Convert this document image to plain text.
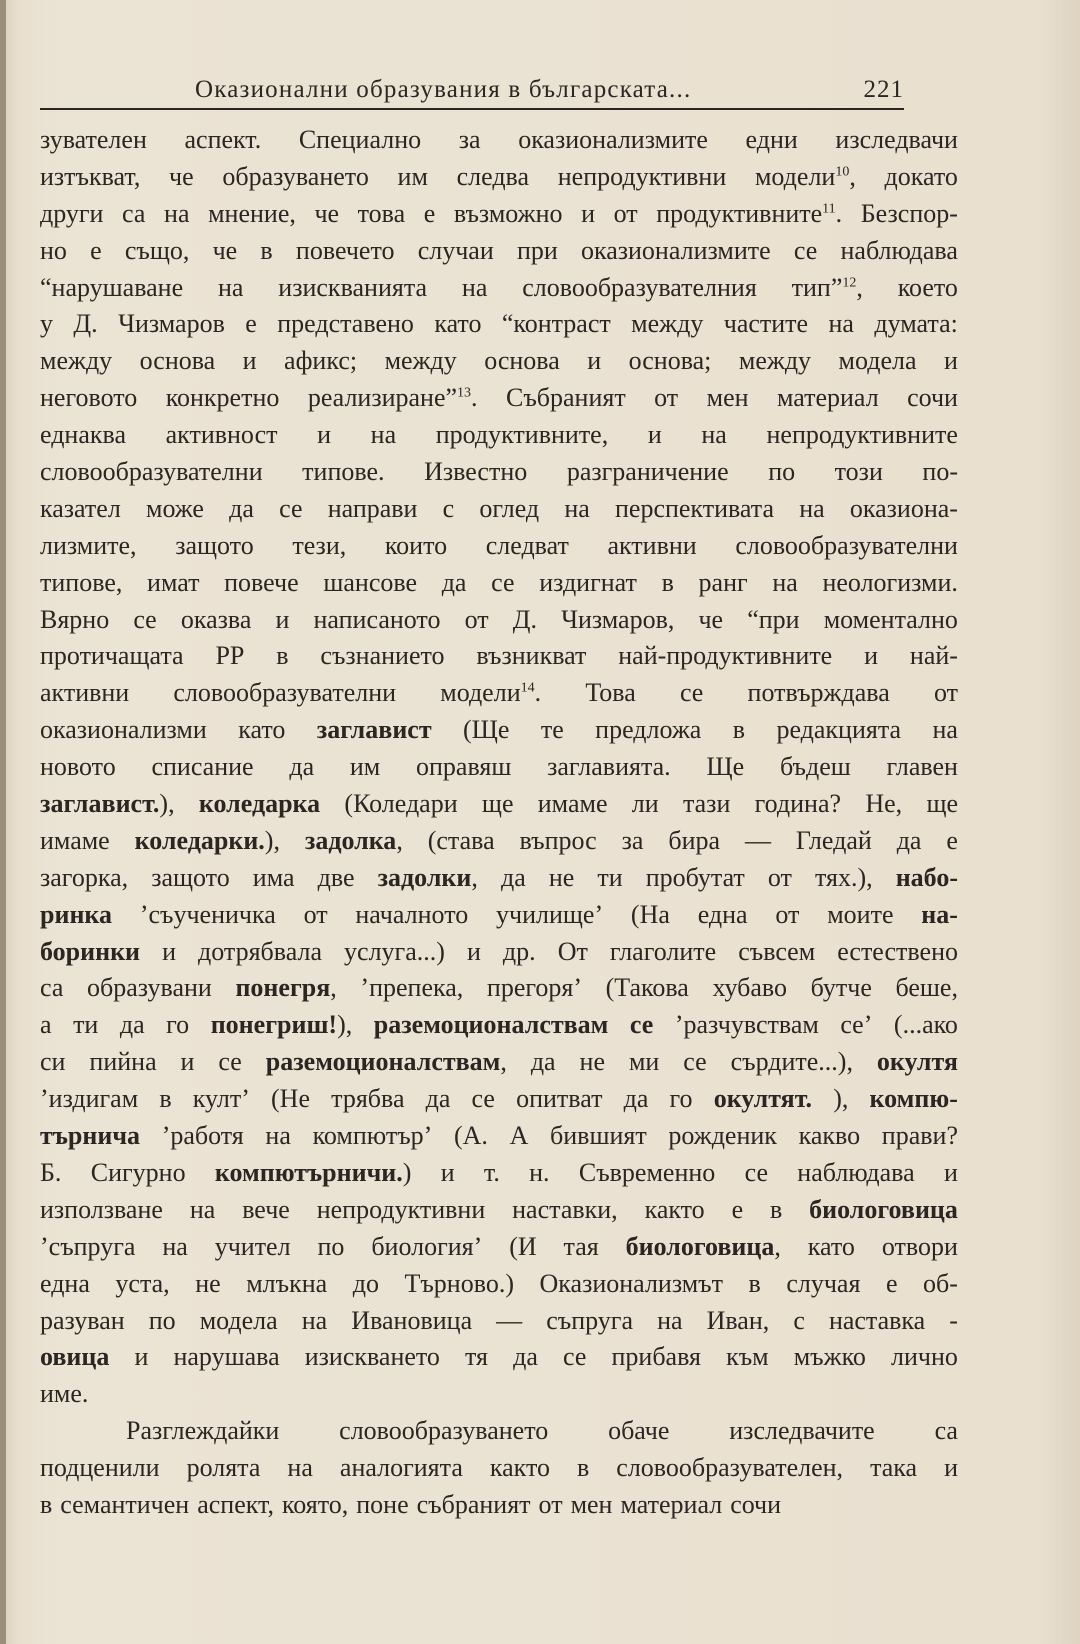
Оказионални образувания в българската...	221
зувателен аспект. Специално за оказионализмите едни изследвачи
изтъкват, че образуването им следва непродуктивни модели$^{10}$, докато
други са на мнение, че това е възможно и от продуктивните$^{11}$. Безспор-
но е също, че в повечето случаи при оказионализмите се наблюдава
“нарушаване на изискванията на словообразувателния тип”$^{12}$, което
у Д. Чизмаров е представено като “контраст между частите на думата:
между основа и афикс; между основа и основа; между модела и
неговото конкретно реализиране”$^{13}$. Събраният от мен материал сочи
еднаква активност и на продуктивните, и на непродуктивните
словообразувателни типове. Известно разграничение по този по-
казател може да се направи с оглед на перспективата на оказиона-
лизмите, защото тези, които следват активни словообразувателни
типове, имат повече шансове да се издигнат в ранг на неологизми.
Вярно се оказва и написаното от Д. Чизмаров, че “при моментално
протичащата РР в съзнанието възникват най-продуктивните и най-
активни словообразувателни модели$^{14}$. Това се потвърждава от
оказионализми като заглавист (Ще те предложа в редакцията на
новото списание да им оправяш заглавията. Ще бъдеш главен
заглавист.), коледарка (Коледари ще имаме ли тази година? Не, ще
имаме коледарки.), задолка, (става въпрос за бира — Гледай да е
загорка, защото има две задолки, да не ти пробутат от тях.), набо-
ринка ’съученичка от началното училище’ (На една от моите на-
боринки и дотрябвала услуга...) и др. От глаголите съвсем естествено
са образувани понегря, ’препека, прегоря’ (Такова хубаво бутче беше,
а ти да го понегриш!), раземоционалствам се ’разчувствам се’ (...ако
си пийна и се раземоционалствам, да не ми се сърдите...), окултя
’издигам в култ’ (Не трябва да се опитват да го окултят. ), компю-
търнича ’работя на компютър’ (А. А бившият рожденик какво прави?
Б. Сигурно компютърничи.) и т. н. Съвременно се наблюдава и
използване на вече непродуктивни наставки, както е в биологовица
’съпруга на учител по биология’ (И тая биологовица, като отвори
една уста, не млъкна до Търново.) Оказионализмът в случая е об-
разуван по модела на Ивановица — съпруга на Иван, с наставка -
овица и нарушава изискването тя да се прибавя към мъжко лично
име.
Разглеждайки словообразуването обаче изследвачите са
подценили ролята на аналогията както в словообразувателен, така и
в семантичен аспект, която, поне събраният от мен материал сочи
